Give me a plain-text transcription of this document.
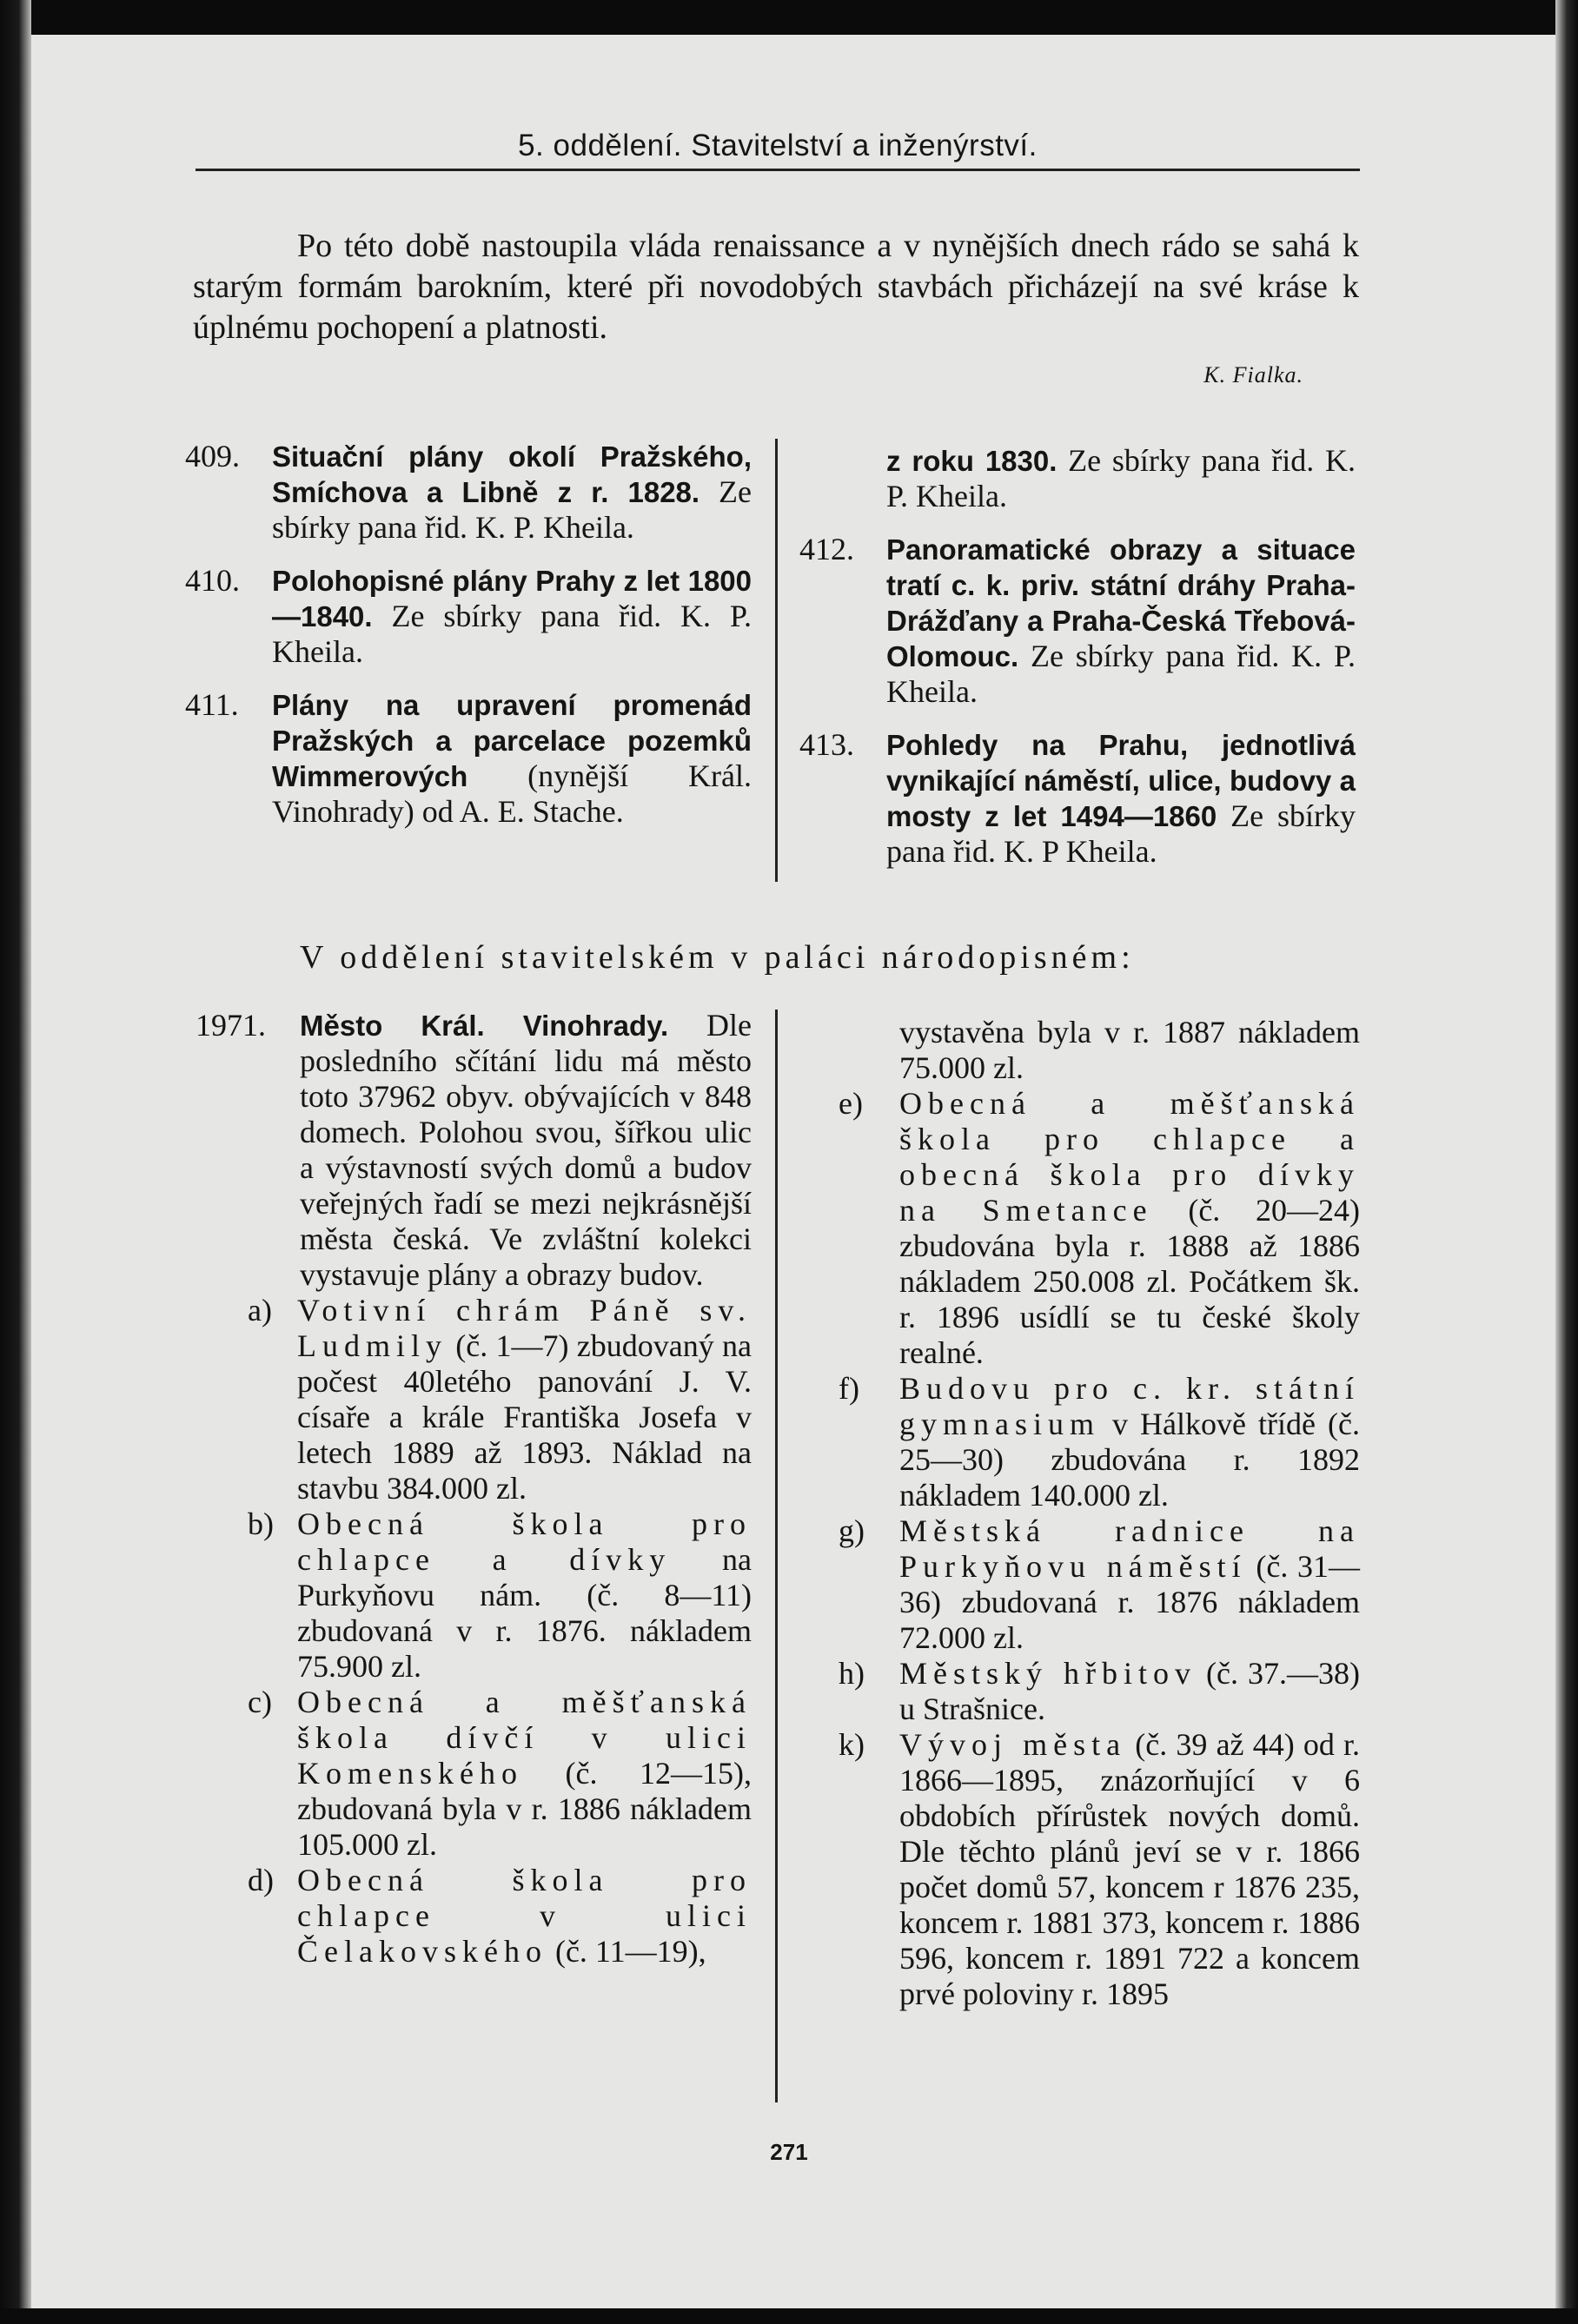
5. oddělení. Stavitelství a inženýrství.
Po této době nastoupila vláda renaissance a v nynějších dnech rádo se sahá k starým formám barokním, které při novodobých stavbách přicházejí na své kráse k úplnému pochopení a platnosti.
K. Fialka.
409. Situační plány okolí Pražského, Smíchova a Libně z r. 1828. Ze sbírky pana řid. K. P. Kheila.
410. Polohopisné plány Prahy z let 1800—1840. Ze sbírky pana řid. K. P. Kheila.
411. Plány na upravení promenád Pražských a parcelace pozemků Wimmerových (nynější Král. Vinohrady) od A. E. Stache.
z roku 1830. Ze sbírky pana řid. K. P. Kheila.
412. Panoramatické obrazy a situace tratí c. k. priv. státní dráhy Praha-Drážďany a Praha-Česká Třebová-Olomouc. Ze sbírky pana řid. K. P. Kheila.
413. Pohledy na Prahu, jednotlivá vynikající náměstí, ulice, budovy a mosty z let 1494—1860 Ze sbírky pana řid. K. P Kheila.
V oddělení stavitelském v paláci národopisném:
1971. Město Král. Vinohrady. Dle posledního sčítání lidu má město toto 37962 obyv. obývajících v 848 domech. Polohou svou, šířkou ulic a výstavností svých domů a budov veřejných řadí se mezi nejkrásnější města česká. Ve zvláštní kolekci vystavuje plány a obrazy budov.
a) Votivní chrám Páně sv. Ludmily (č. 1—7) zbudovaný na počest 40letého panování J. V. císaře a krále Františka Josefa v letech 1889 až 1893. Náklad na stavbu 384.000 zl.
b) Obecná škola pro chlapce a dívky na Purkyňovu nám. (č. 8—11) zbudovaná v r. 1876. nákladem 75.900 zl.
c) Obecná a měšťanská škola dívčí v ulici Komenského (č. 12—15), zbudovaná byla v r. 1886 nákladem 105.000 zl.
d) Obecná škola pro chlapce v ulici Čelakovského (č. 11—19),
vystavěna byla v r. 1887 nákladem 75.000 zl.
e) Obecná a měšťanská škola pro chlapce a obecná škola pro dívky na Smetance (č. 20—24) zbudována byla r. 1888 až 1886 nákladem 250.008 zl. Počátkem šk. r. 1896 usídlí se tu české školy realné.
f) Budovu pro c. kr. státní gymnasium v Hálkově třídě (č. 25—30) zbudována r. 1892 nákladem 140.000 zl.
g) Městská radnice na Purkyňovu náměstí (č. 31—36) zbudovaná r. 1876 nákladem 72.000 zl.
h) Městský hřbitov (č. 37.—38) u Strašnice.
k) Vývoj města (č. 39 až 44) od r. 1866—1895, znázorňující v 6 obdobích přírůstek nových domů. Dle těchto plánů jeví se v r. 1866 počet domů 57, koncem r 1876 235, koncem r. 1881 373, koncem r. 1886 596, koncem r. 1891 722 a koncem prvé poloviny r. 1895
271
